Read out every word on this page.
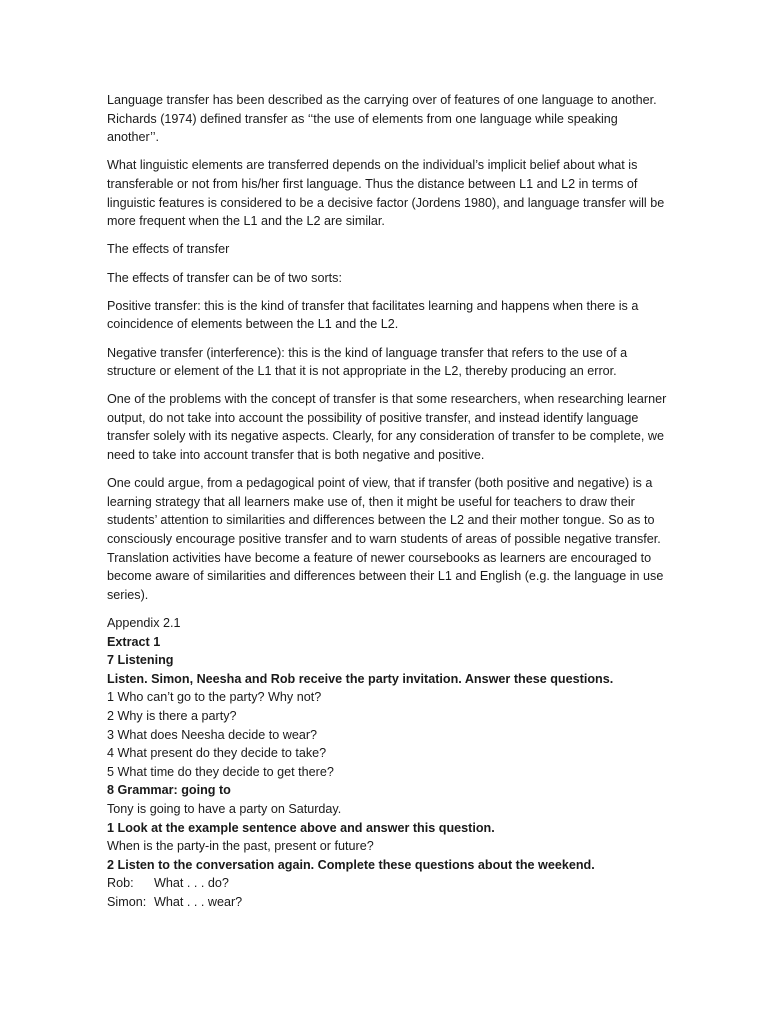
Language transfer has been described as the carrying over of features of one language to another. Richards (1974) defined transfer as ‘‘the use of elements from one language while speaking another’’.

What linguistic elements are transferred depends on the individual’s implicit belief about what is transferable or not from his/her first language. Thus the distance between L1 and L2 in terms of linguistic features is considered to be a decisive factor (Jordens 1980), and language transfer will be more frequent when the L1 and the L2 are similar.

The effects of transfer

The effects of transfer can be of two sorts:

Positive transfer: this is the kind of transfer that facilitates learning and happens when there is a coincidence of elements between the L1 and the L2.

Negative transfer (interference): this is the kind of language transfer that refers to the use of a structure or element of the L1 that it is not appropriate in the L2, thereby producing an error.

One of the problems with the concept of transfer is that some researchers, when researching learner output, do not take into account the possibility of positive transfer, and instead identify language transfer solely with its negative aspects. Clearly, for any consideration of transfer to be complete, we need to take into account transfer that is both negative and positive.

One could argue, from a pedagogical point of view, that if transfer (both positive and negative) is a learning strategy that all learners make use of, then it might be useful for teachers to draw their students’ attention to similarities and differences between the L2 and their mother tongue. So as to consciously encourage positive transfer and to warn students of areas of possible negative transfer. Translation activities have become a feature of newer coursebooks as learners are encouraged to become aware of similarities and differences between their L1 and English (e.g. the language in use series).

Appendix 2.1

Extract 1

7 Listening

Listen. Simon, Neesha and Rob receive the party invitation. Answer these questions.

1 Who can’t go to the party? Why not?

2 Why is there a party?

3 What does Neesha decide to wear?

4 What present do they decide to take?

5 What time do they decide to get there?

8 Grammar: going to

Tony is going to have a party on Saturday.

1 Look at the example sentence above and answer this question.

When is the party-in the past, present or future?

2 Listen to the conversation again. Complete these questions about the weekend.

Rob: What . . . do?

Simon: What . . . wear?
